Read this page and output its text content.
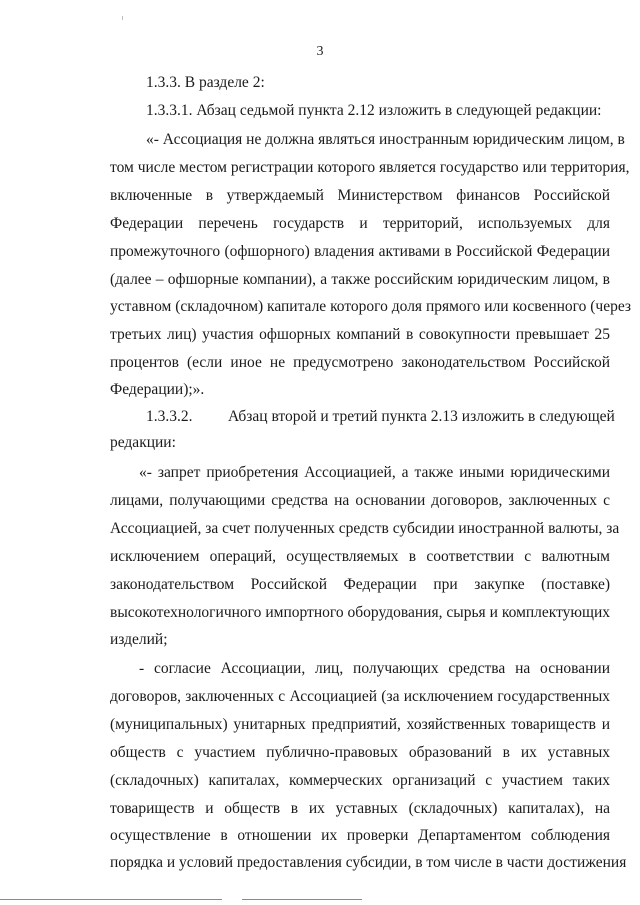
3
1.3.3. В разделе 2:
1.3.3.1. Абзац седьмой пункта 2.12 изложить в следующей редакции:
«- Ассоциация не должна являться иностранным юридическим лицом, в
том числе местом регистрации которого является государство или территория,
включенные в утверждаемый Министерством финансов Российской
Федерации перечень государств и территорий, используемых для
промежуточного (офшорного) владения активами в Российской Федерации
(далее – офшорные компании), а также российским юридическим лицом, в
уставном (складочном) капитале которого доля прямого или косвенного (через
третьих лиц) участия офшорных компаний в совокупности превышает 25
процентов (если иное не предусмотрено законодательством Российской
Федерации);».
1.3.3.2. Абзац второй и третий пункта 2.13 изложить в следующей
редакции:
«- запрет приобретения Ассоциацией, а также иными юридическими
лицами, получающими средства на основании договоров, заключенных с
Ассоциацией, за счет полученных средств субсидии иностранной валюты, за
исключением операций, осуществляемых в соответствии с валютным
законодательством Российской Федерации при закупке (поставке)
высокотехнологичного импортного оборудования, сырья и комплектующих
изделий;
- согласие Ассоциации, лиц, получающих средства на основании
договоров, заключенных с Ассоциацией (за исключением государственных
(муниципальных) унитарных предприятий, хозяйственных товариществ и
обществ с участием публично-правовых образований в их уставных
(складочных) капиталах, коммерческих организаций с участием таких
товариществ и обществ в их уставных (складочных) капиталах), на
осуществление в отношении их проверки Департаментом соблюдения
порядка и условий предоставления субсидии, в том числе в части достижения
